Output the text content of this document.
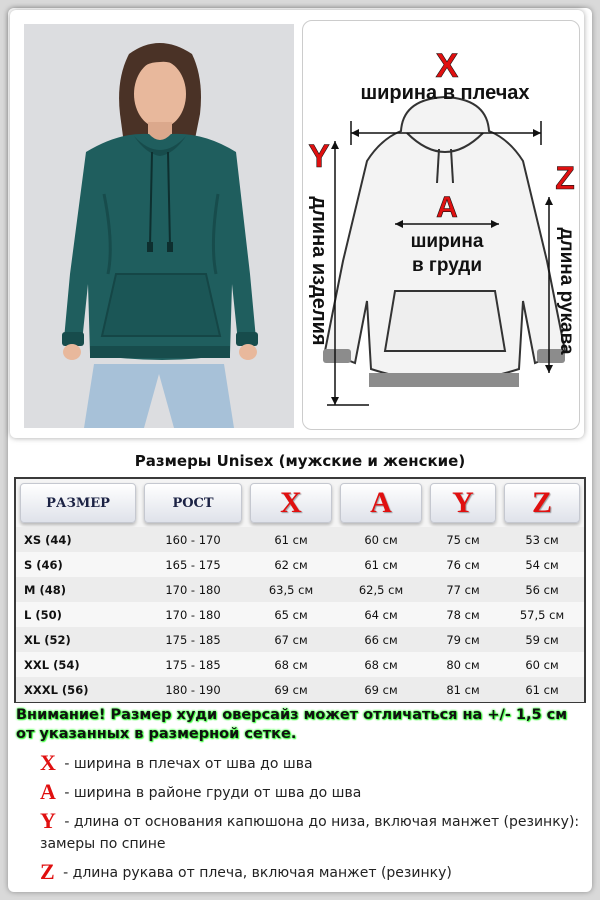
X
ширина в плечах
A
ширина
в груди
Y
длина изделия
Z
длина рукава
Размеры Unisex (мужские и женские)
РАЗМЕР	РОСТ	X	A	Y	Z

XS (44)	160 - 170	61 см	60 см	75 см	53 см
S (46)	165 - 175	62 см	61 см	76 см	54 см
M (48)	170 - 180	63,5 см	62,5 см	77 см	56 см
L (50)	170 - 180	65 см	64 см	78 см	57,5 см
XL (52)	175 - 185	67 см	66 см	79 см	59 см
XXL (54)	175 - 185	68 см	68 см	80 см	60 см
XXXL (56)	180 - 190	69 см	69 см	81 см	61 см
Внимание! Размер худи оверсайз может отличаться на +/- 1,5 см от указанных в размерной сетке.
X - ширина в плечах от шва до шва
A - ширина в районе груди от шва до шва
Y - длина от основания капюшона до низа, включая манжет (резинку): замеры по спине
Z - длина рукава от плеча, включая манжет (резинку)
